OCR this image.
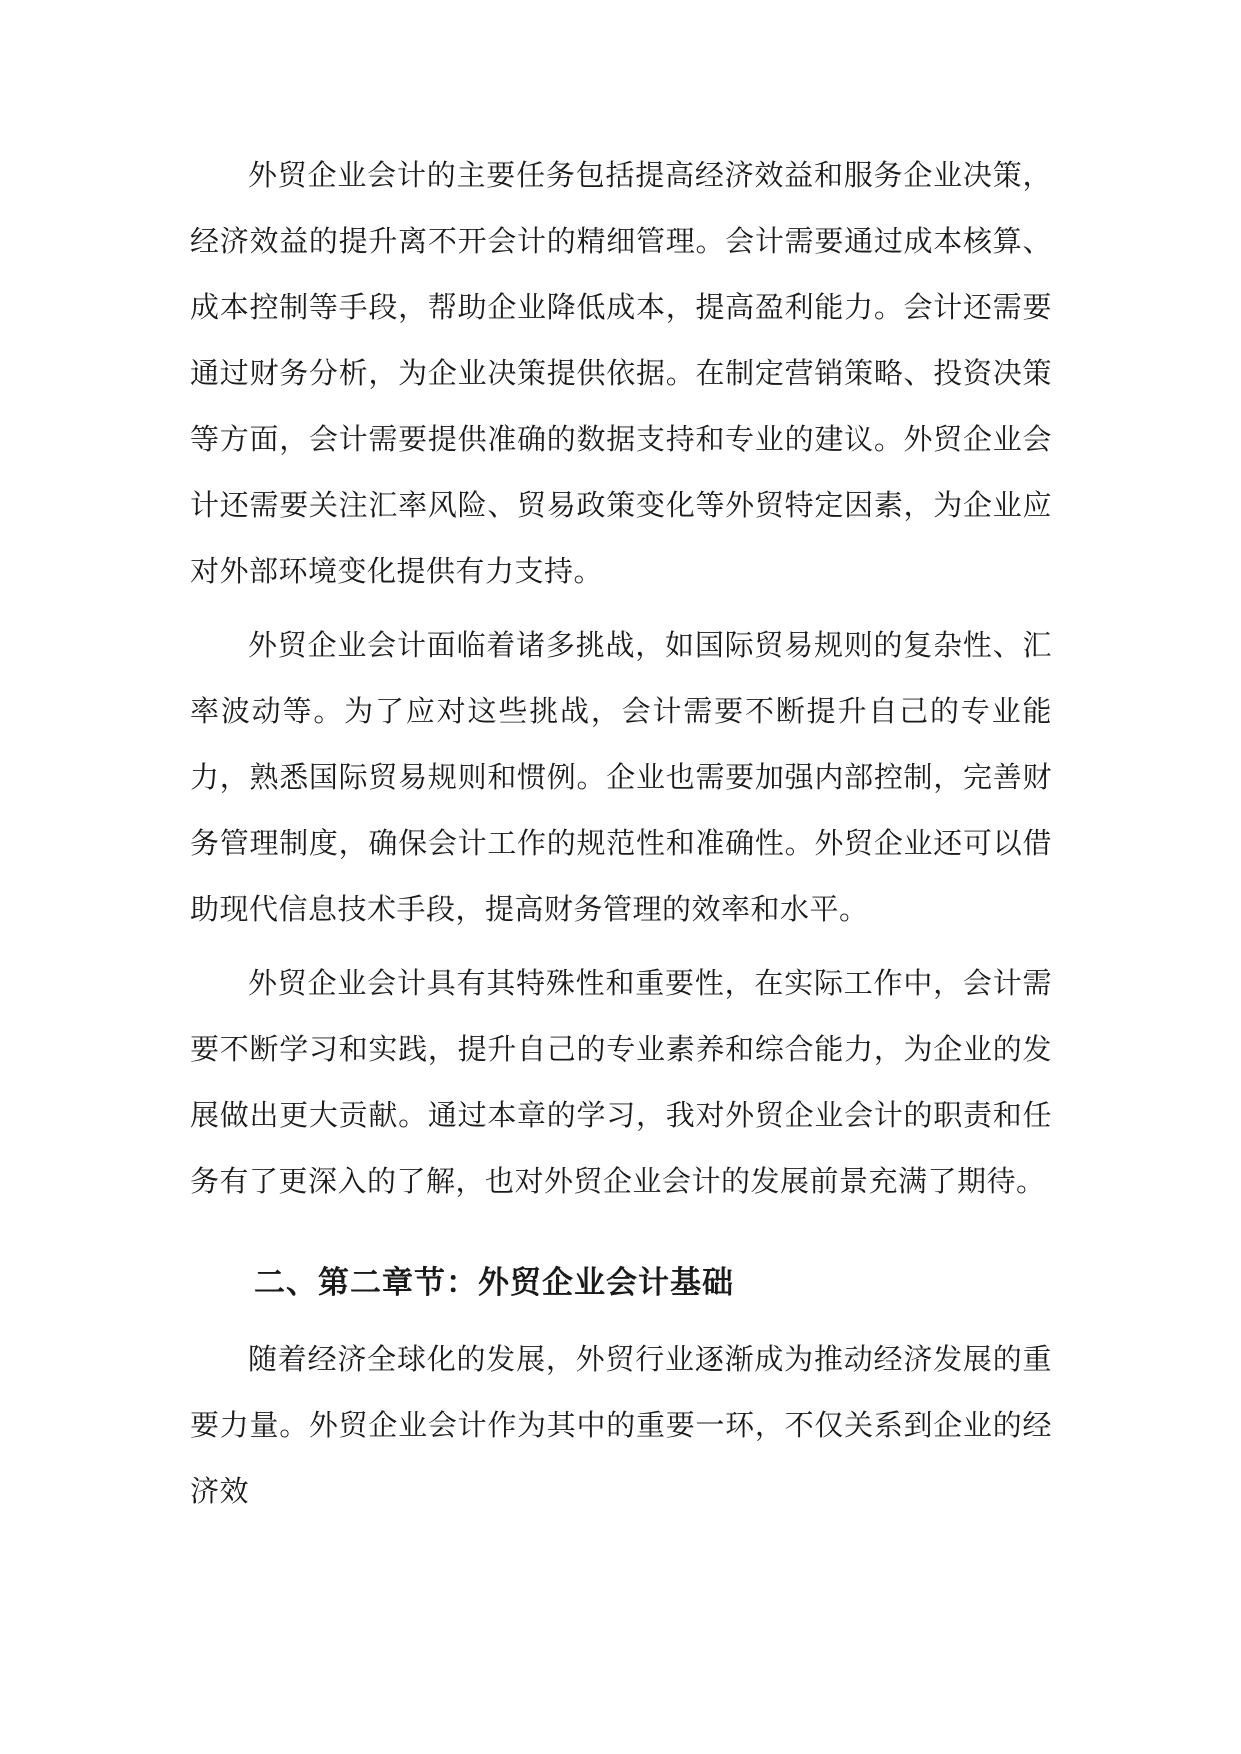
外贸企业会计的主要任务包括提高经济效益和服务企业决策，经济效益的提升离不开会计的精细管理。会计需要通过成本核算、成本控制等手段，帮助企业降低成本，提高盈利能力。会计还需要通过财务分析，为企业决策提供依据。在制定营销策略、投资决策等方面，会计需要提供准确的数据支持和专业的建议。外贸企业会计还需要关注汇率风险、贸易政策变化等外贸特定因素，为企业应对外部环境变化提供有力支持。

外贸企业会计面临着诸多挑战，如国际贸易规则的复杂性、汇率波动等。为了应对这些挑战，会计需要不断提升自己的专业能力，熟悉国际贸易规则和惯例。企业也需要加强内部控制，完善财务管理制度，确保会计工作的规范性和准确性。外贸企业还可以借助现代信息技术手段，提高财务管理的效率和水平。

外贸企业会计具有其特殊性和重要性，在实际工作中，会计需要不断学习和实践，提升自己的专业素养和综合能力，为企业的发展做出更大贡献。通过本章的学习，我对外贸企业会计的职责和任务有了更深入的了解，也对外贸企业会计的发展前景充满了期待。

二、第二章节：外贸企业会计基础

随着经济全球化的发展，外贸行业逐渐成为推动经济发展的重要力量。外贸企业会计作为其中的重要一环，不仅关系到企业的经济效
